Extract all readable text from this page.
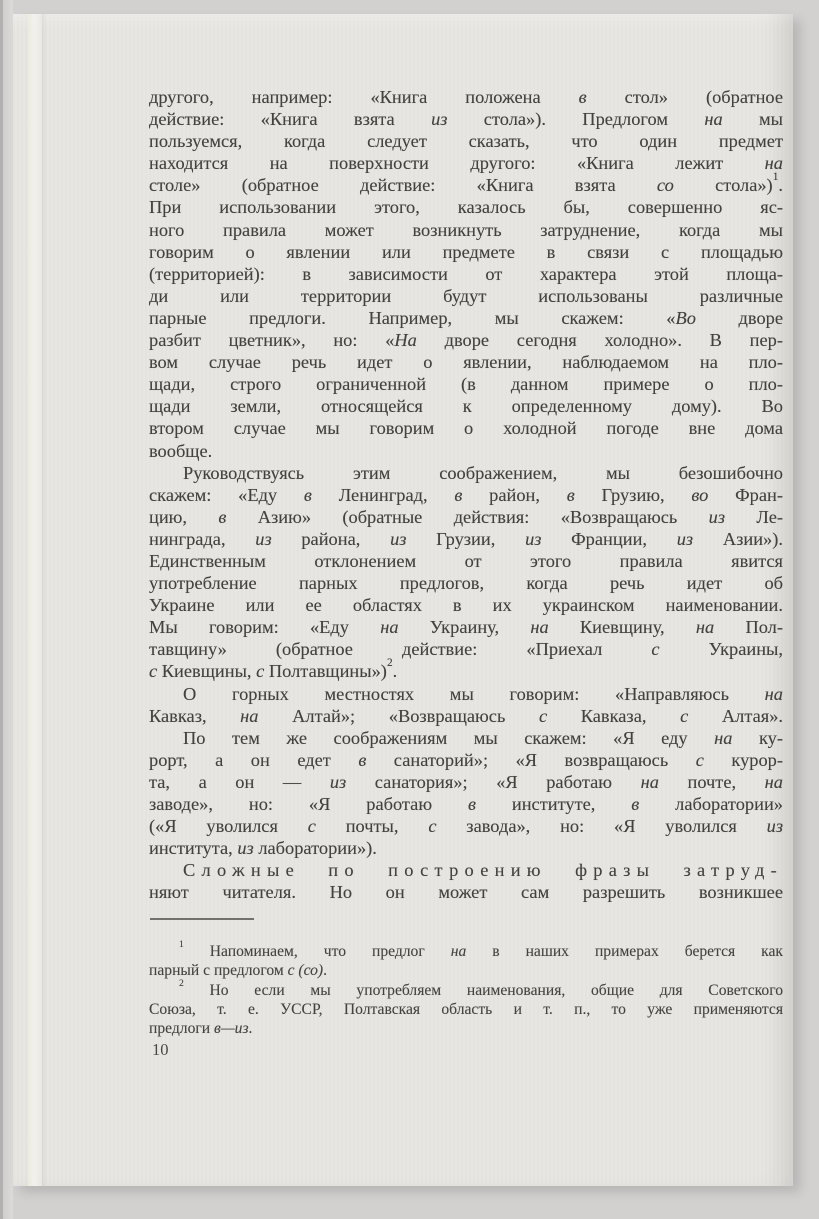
другого, например: «Книга положена в стол» (обратное
действие: «Книга взята из стола»). Предлогом на мы
пользуемся, когда следует сказать, что один предмет
находится на поверхности другого: «Книга лежит на
столе» (обратное действие: «Книга взята со стола»)$^1$.
При использовании этого, казалось бы, совершенно яс-
ного правила может возникнуть затруднение, когда мы
говорим о явлении или предмете в связи с площадью
(территорией): в зависимости от характера этой площа-
ди или территории будут использованы различные
парные предлоги. Например, мы скажем: «Во дворе
разбит цветник», но: «На дворе сегодня холодно». В пер-
вом случае речь идет о явлении, наблюдаемом на пло-
щади, строго ограниченной (в данном примере о пло-
щади земли, относящейся к определенному дому). Во
втором случае мы говорим о холодной погоде вне дома
вообще.
Руководствуясь этим соображением, мы безошибочно
скажем: «Еду в Ленинград, в район, в Грузию, во Фран-
цию, в Азию» (обратные действия: «Возвращаюсь из Ле-
нинграда, из района, из Грузии, из Франции, из Азии»).
Единственным отклонением от этого правила явится
употребление парных предлогов, когда речь идет об
Украине или ее областях в их украинском наименовании.
Мы говорим: «Еду на Украину, на Киевщину, на Пол-
тавщину» (обратное действие: «Приехал с Украины,
с Киевщины, с Полтавщины»)$^2$.
О горных местностях мы говорим: «Направляюсь на
Кавказ, на Алтай»; «Возвращаюсь с Кавказа, с Алтая».
По тем же соображениям мы скажем: «Я еду на ку-
рорт, а он едет в санаторий»; «Я возвращаюсь с курор-
та, а он — из санатория»; «Я работаю на почте, на
заводе», но: «Я работаю в институте, в лаборатории»
(«Я уволился с почты, с завода», но: «Я уволился из
института, из лаборатории»).
Сложные по построению фразы затруд-
няют читателя. Но он может сам разрешить возникшее
$^1$ Напоминаем, что предлог на в наших примерах берется как
парный с предлогом с (со).
$^2$ Но если мы употребляем наименования, общие для Советского
Союза, т. е. УССР, Полтавская область и т. п., то уже применяются
предлоги в—из.
10
